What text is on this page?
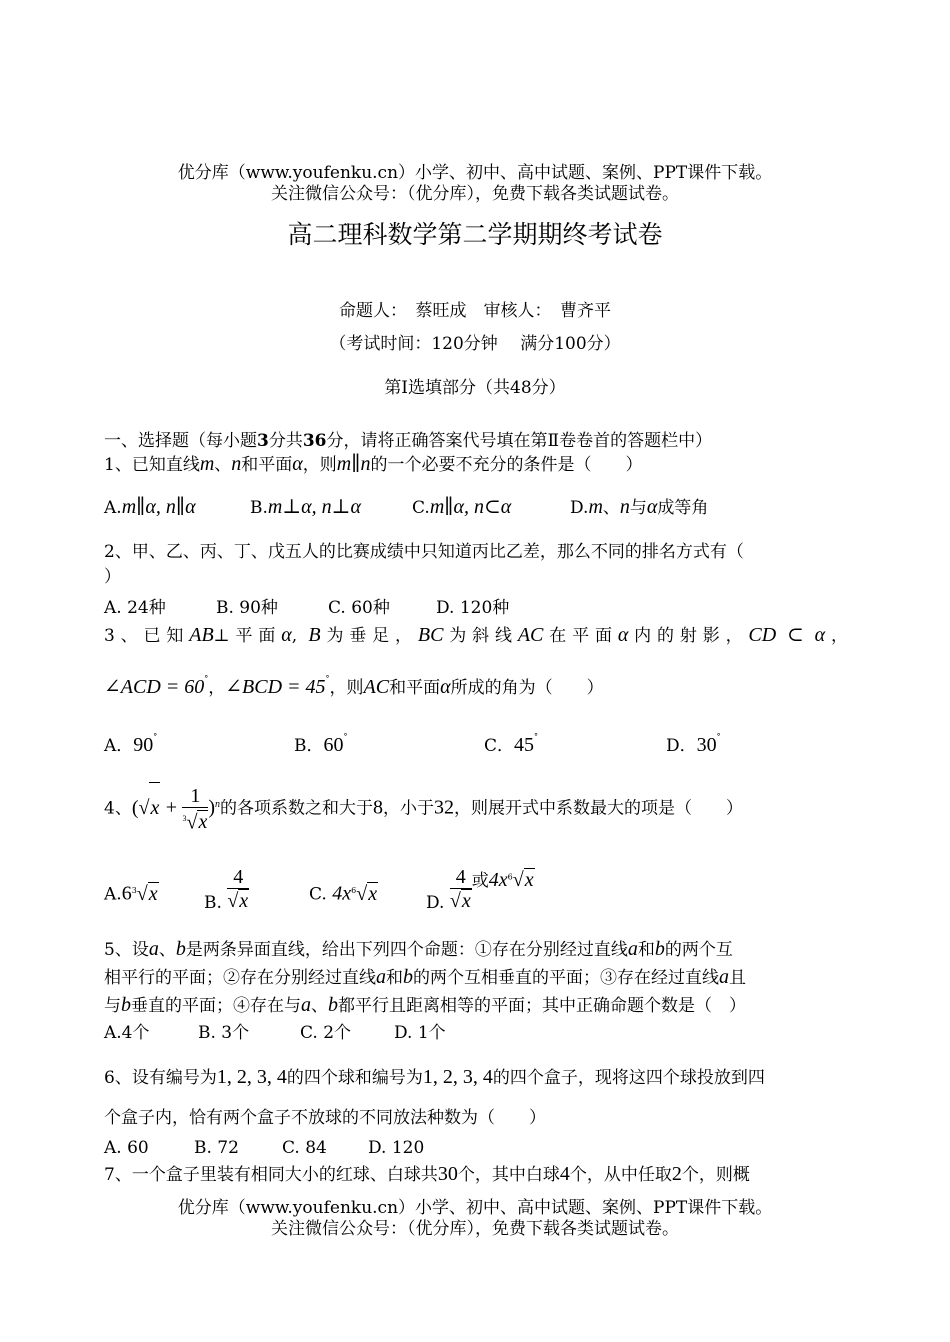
优分库（www.youfenku.cn）小学、初中、高中试题、案例、PPT课件下载。
关注微信公众号：（优分库），免费下载各类试题试卷。
高二理科数学第二学期期终考试卷
命题人：　蔡旺成　审核人：　曹齐平
（考试时间：120分钟　 满分100分）
第Ⅰ选填部分（共48分）
一、选择题（每小题3分共36分，请将正确答案代号填在第Ⅱ卷卷首的答题栏中）
1、已知直线m、n和平面α，则m∥n的一个必要不充分的条件是（　　）
A.m∥α, n∥α	B.m⊥α, n⊥α	C.m∥α, n⊂α	D.m、n与α成等角
2、甲、乙、丙、丁、戊五人的比赛成绩中只知道丙比乙差，那么不同的排名方式有（
）
A. 24种	B. 90种	C. 60种	D. 120种
3、已知AB⊥平面α, B为垂足，BC为斜线AC在平面α内的射影，CD ⊂ α，
∠ACD = 60°，∠BCD = 45°，则AC和平面α所成的角为（　　）
A．90°	B．60°	C．45°	D．30°
4、$(√x + \frac{1}{^3√x} )^n$的各项系数之和大于8，小于32，则展开式中系数最大的项是（　　）
$A.6^3√x$	B. $\frac{4}{√x}$	C. $4x^6√x$	D. $\frac{4}{√x}$ 或$4x^6√x$
5、设a、b是两条异面直线，给出下列四个命题：①存在分别经过直线a和b的两个互
相平行的平面；②存在分别经过直线a和b的两个互相垂直的平面；③存在经过直线a且
与b垂直的平面；④存在与a、b都平行且距离相等的平面；其中正确命题个数是（　）
A.4个	B. 3个	C. 2个	D. 1个
6、设有编号为1, 2, 3, 4的四个球和编号为1, 2, 3, 4的四个盒子，现将这四个球投放到四
个盒子内，恰有两个盒子不放球的不同放法种数为（　　）
A. 60	B. 72	C. 84 D. 120
7、一个盒子里装有相同大小的红球、白球共30个，其中白球4个，从中任取2个，则概
优分库（www.youfenku.cn）小学、初中、高中试题、案例、PPT课件下载。
关注微信公众号：（优分库），免费下载各类试题试卷。
